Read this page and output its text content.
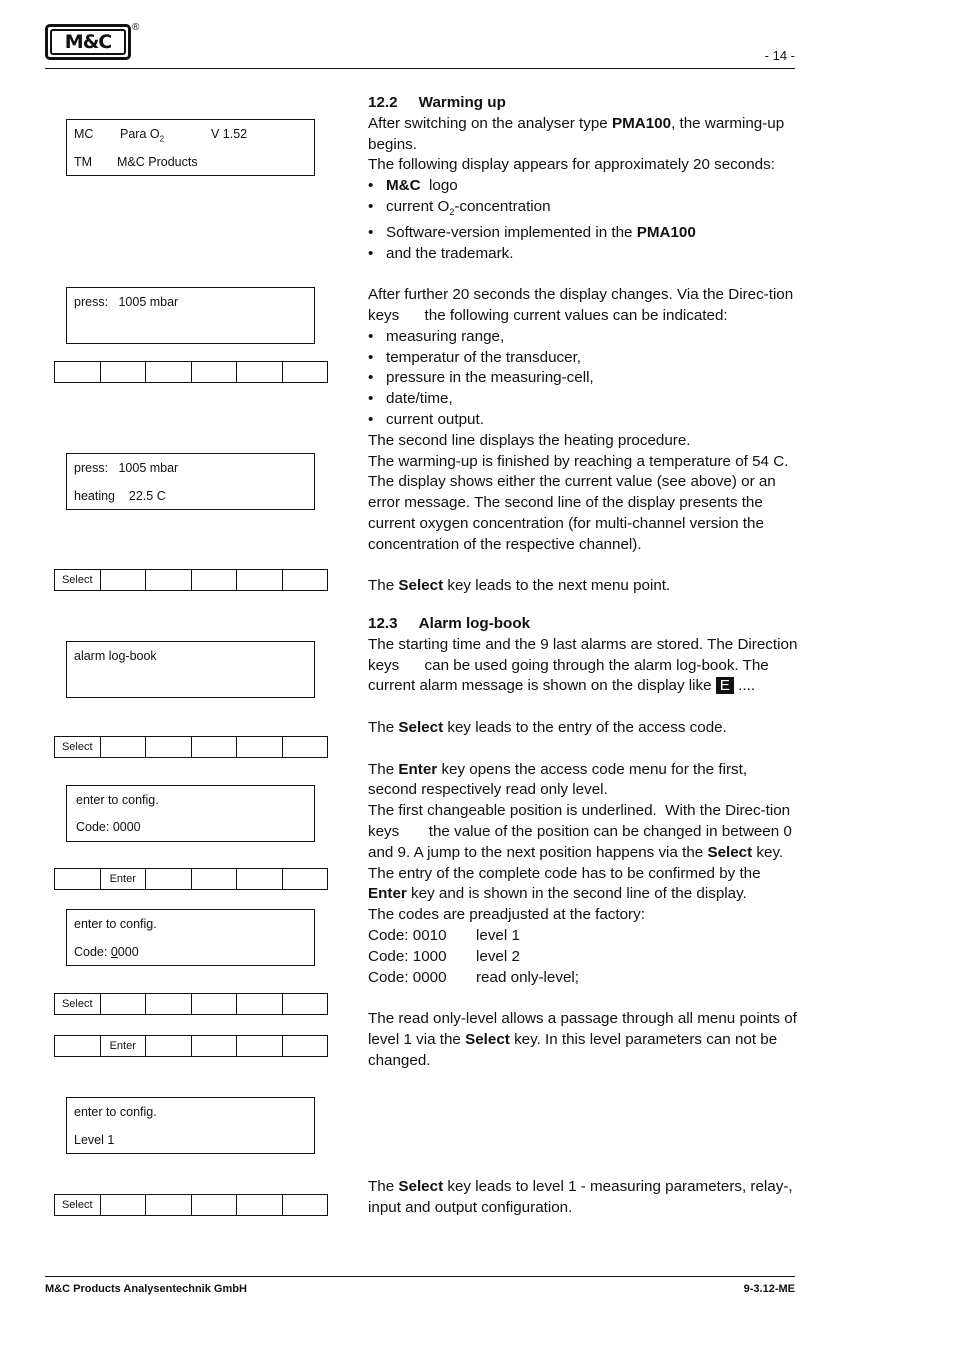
M&C
®
- 14 -
MC Para $O_2$	V 1.52
TM M&C Products
press:   1005 mbar
press:   1005 mbar
heating    22.5 C
Select
alarm log-book
Select
enter to config.
Code: 0000
Enter
enter to config.
Code: 0000
Select
Enter
enter to config.
Level 1
Select

12.2 Warming up

After switching on the analyser type PMA100, the warming-up begins.

The following display appears for approximately 20 seconds:

• M&C  logo

• current $O_2$-concentration

• Software-version implemented in the PMA100

• and the trademark.

After further 20 seconds the display changes. Via the Direc-tion keys      the following current values can be indicated:

• measuring range,

• temperatur of the transducer,

• pressure in the measuring-cell,

• date/time,

• current output.

The second line displays the heating procedure.

The warming-up is finished by reaching a temperature of 54 C. The display shows either the current value (see above) or an error message. The second line of the display presents the current oxygen concentration (for multi-channel version the concentration of the respective channel).

The Select key leads to the next menu point.

12.3 Alarm log-book

The starting time and the 9 last alarms are stored. The Direction keys      can be used going through the alarm log-book. The current alarm message is shown on the display like E ....

The Select key leads to the entry of the access code.

The Enter key opens the access code menu for the first, second respectively read only level.

The first changeable position is underlined.  With the Direc-tion keys       the value of the position can be changed in between 0 and 9. A jump to the next position happens via the Select key. The entry of the complete code has to be confirmed by the Enter key and is shown in the second line of the display.

The codes are preadjusted at the factory:

Code: 0010 level 1

Code: 1000 level 2

Code: 0000 read only-level;

The read only-level allows a passage through all menu points of level 1 via the Select key. In this level parameters can not be changed.

The Select key leads to level 1 - measuring parameters, relay-, input and output configuration.

M&C Products Analysentechnik GmbH	9-3.12-ME
